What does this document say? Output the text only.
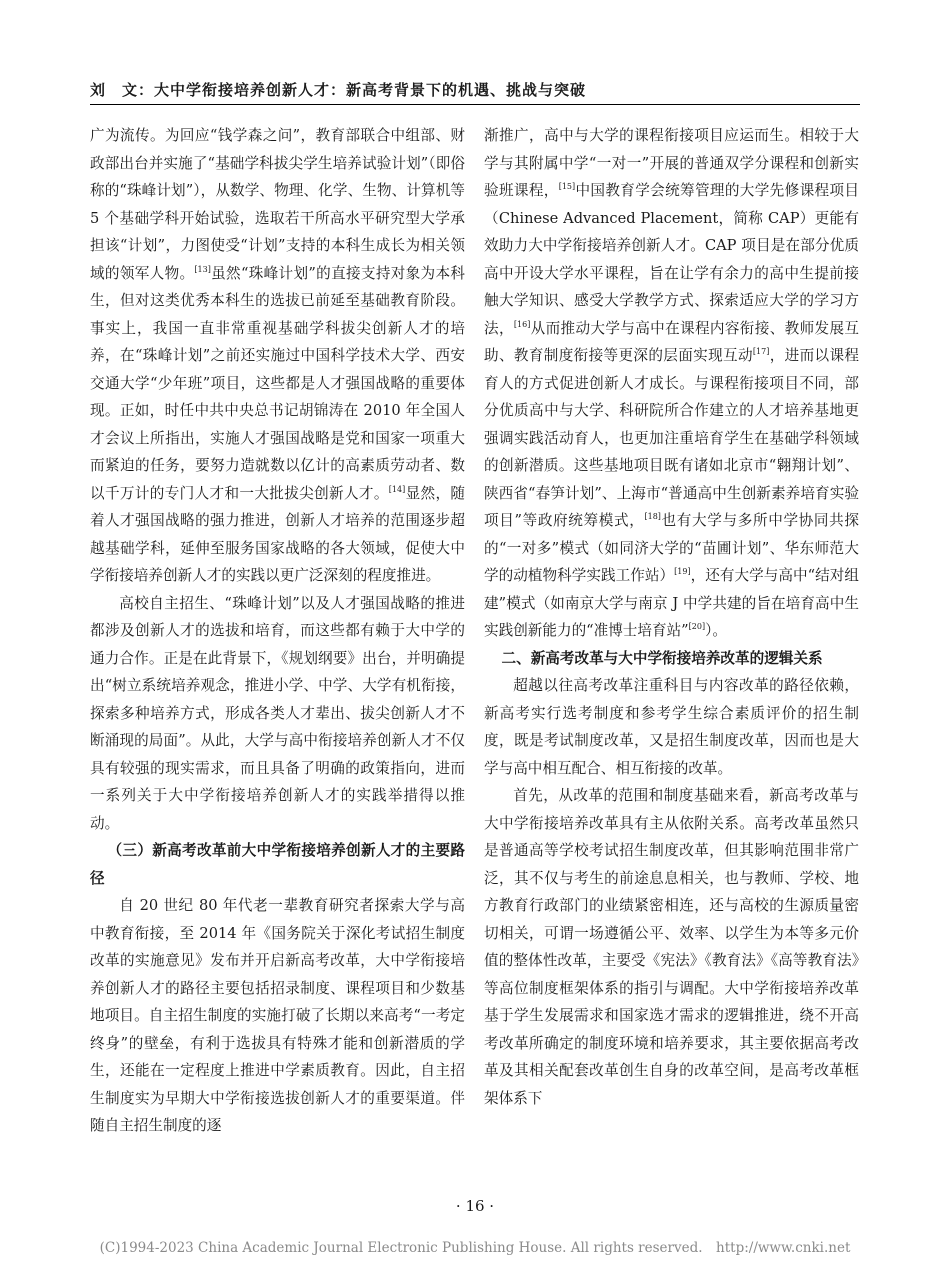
刘　文：大中学衔接培养创新人才：新高考背景下的机遇、挑战与突破

广为流传。为回应“钱学森之问”，教育部联合中组部、财政部出台并实施了“基础学科拔尖学生培养试验计划”（即俗称的“珠峰计划”），从数学、物理、化学、生物、计算机等 5 个基础学科开始试验，选取若干所高水平研究型大学承担该“计划”，力图使受“计划”支持的本科生成长为相关领域的领军人物。[13]虽然“珠峰计划”的直接支持对象为本科生，但对这类优秀本科生的选拔已前延至基础教育阶段。事实上，我国一直非常重视基础学科拔尖创新人才的培养，在“珠峰计划”之前还实施过中国科学技术大学、西安交通大学“少年班”项目，这些都是人才强国战略的重要体现。正如，时任中共中央总书记胡锦涛在 2010 年全国人才会议上所指出，实施人才强国战略是党和国家一项重大而紧迫的任务，要努力造就数以亿计的高素质劳动者、数以千万计的专门人才和一大批拔尖创新人才。[14]显然，随着人才强国战略的强力推进，创新人才培养的范围逐步超越基础学科，延伸至服务国家战略的各大领域，促使大中学衔接培养创新人才的实践以更广泛深刻的程度推进。

高校自主招生、“珠峰计划”以及人才强国战略的推进都涉及创新人才的选拔和培育，而这些都有赖于大中学的通力合作。正是在此背景下，《规划纲要》出台，并明确提出“树立系统培养观念，推进小学、中学、大学有机衔接，探索多种培养方式，形成各类人才辈出、拔尖创新人才不断涌现的局面”。从此，大学与高中衔接培养创新人才不仅具有较强的现实需求，而且具备了明确的政策指向，进而一系列关于大中学衔接培养创新人才的实践举措得以推动。

（三）新高考改革前大中学衔接培养创新人才的主要路径

自 20 世纪 80 年代老一辈教育研究者探索大学与高中教育衔接，至 2014 年《国务院关于深化考试招生制度改革的实施意见》发布并开启新高考改革，大中学衔接培养创新人才的路径主要包括招录制度、课程项目和少数基地项目。自主招生制度的实施打破了长期以来高考“一考定终身”的壁垒，有利于选拔具有特殊才能和创新潜质的学生，还能在一定程度上推进中学素质教育。因此，自主招生制度实为早期大中学衔接选拔创新人才的重要渠道。伴随自主招生制度的逐

渐推广，高中与大学的课程衔接项目应运而生。相较于大学与其附属中学“一对一”开展的普通双学分课程和创新实验班课程，[15]中国教育学会统筹管理的大学先修课程项目（Chinese Advanced Placement，简称 CAP）更能有效助力大中学衔接培养创新人才。CAP 项目是在部分优质高中开设大学水平课程，旨在让学有余力的高中生提前接触大学知识、感受大学教学方式、探索适应大学的学习方法，[16]从而推动大学与高中在课程内容衔接、教师发展互助、教育制度衔接等更深的层面实现互动[17]，进而以课程育人的方式促进创新人才成长。与课程衔接项目不同，部分优质高中与大学、科研院所合作建立的人才培养基地更强调实践活动育人，也更加注重培育学生在基础学科领域的创新潜质。这些基地项目既有诸如北京市“翱翔计划”、陕西省“春笋计划”、上海市“普通高中生创新素养培育实验项目”等政府统筹模式，[18]也有大学与多所中学协同共探的“一对多”模式（如同济大学的“苗圃计划”、华东师范大学的动植物科学实践工作站）[19]，还有大学与高中“结对组建”模式（如南京大学与南京 J 中学共建的旨在培育高中生实践创新能力的“准博士培育站”[20]）。

二、新高考改革与大中学衔接培养改革的逻辑关系

超越以往高考改革注重科目与内容改革的路径依赖，新高考实行选考制度和参考学生综合素质评价的招生制度，既是考试制度改革，又是招生制度改革，因而也是大学与高中相互配合、相互衔接的改革。

首先，从改革的范围和制度基础来看，新高考改革与大中学衔接培养改革具有主从依附关系。高考改革虽然只是普通高等学校考试招生制度改革，但其影响范围非常广泛，其不仅与考生的前途息息相关，也与教师、学校、地方教育行政部门的业绩紧密相连，还与高校的生源质量密切相关，可谓一场遵循公平、效率、以学生为本等多元价值的整体性改革，主要受《宪法》《教育法》《高等教育法》等高位制度框架体系的指引与调配。大中学衔接培养改革基于学生发展需求和国家选才需求的逻辑推进，绕不开高考改革所确定的制度环境和培养要求，其主要依据高考改革及其相关配套改革创生自身的改革空间，是高考改革框架体系下

· 16 ·
(C)1994-2023 China Academic Journal Electronic Publishing House. All rights reserved.　http://www.cnki.net
